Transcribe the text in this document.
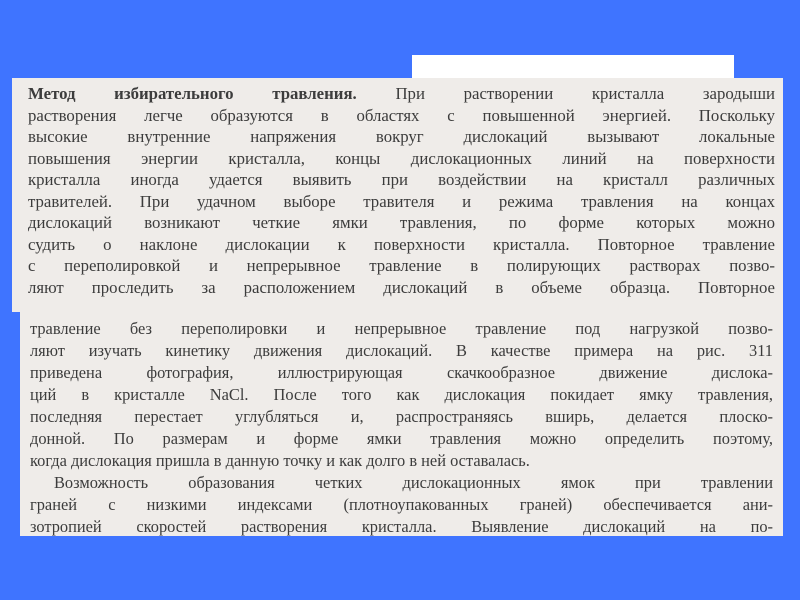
Метод избирательного травления. При растворении кристалла зародыши
растворения легче образуются в областях с повышенной энергией. Поскольку
высокие внутренние напряжения вокруг дислокаций вызывают локальные
повышения энергии кристалла, концы дислокационных линий на поверхности
кристалла иногда удается выявить при воздействии на кристалл различных
травителей. При удачном выборе травителя и режима травления на концах
дислокаций возникают четкие ямки травления, по форме которых можно
судить о наклоне дислокации к поверхности кристалла. Повторное травление
с переполировкой и непрерывное травление в полирующих растворах позво-
ляют проследить за расположением дислокаций в объеме образца. Повторное
травление без переполировки и непрерывное травление под нагрузкой позво-
ляют изучать кинетику движения дислокаций. В качестве примера на рис. 311
приведена фотография, иллюстрирующая скачкообразное движение дислока-
ций в кристалле NaCl. После того как дислокация покидает ямку травления,
последняя перестает углубляться и, распространяясь вширь, делается плоско-
донной. По размерам и форме ямки травления можно определить поэтому,
когда дислокация пришла в данную точку и как долго в ней оставалась.
Возможность образования четких дислокационных ямок при травлении
граней с низкими индексами (плотноупакованных граней) обеспечивается ани-
зотропией скоростей растворения кристалла. Выявление дислокаций на по-
